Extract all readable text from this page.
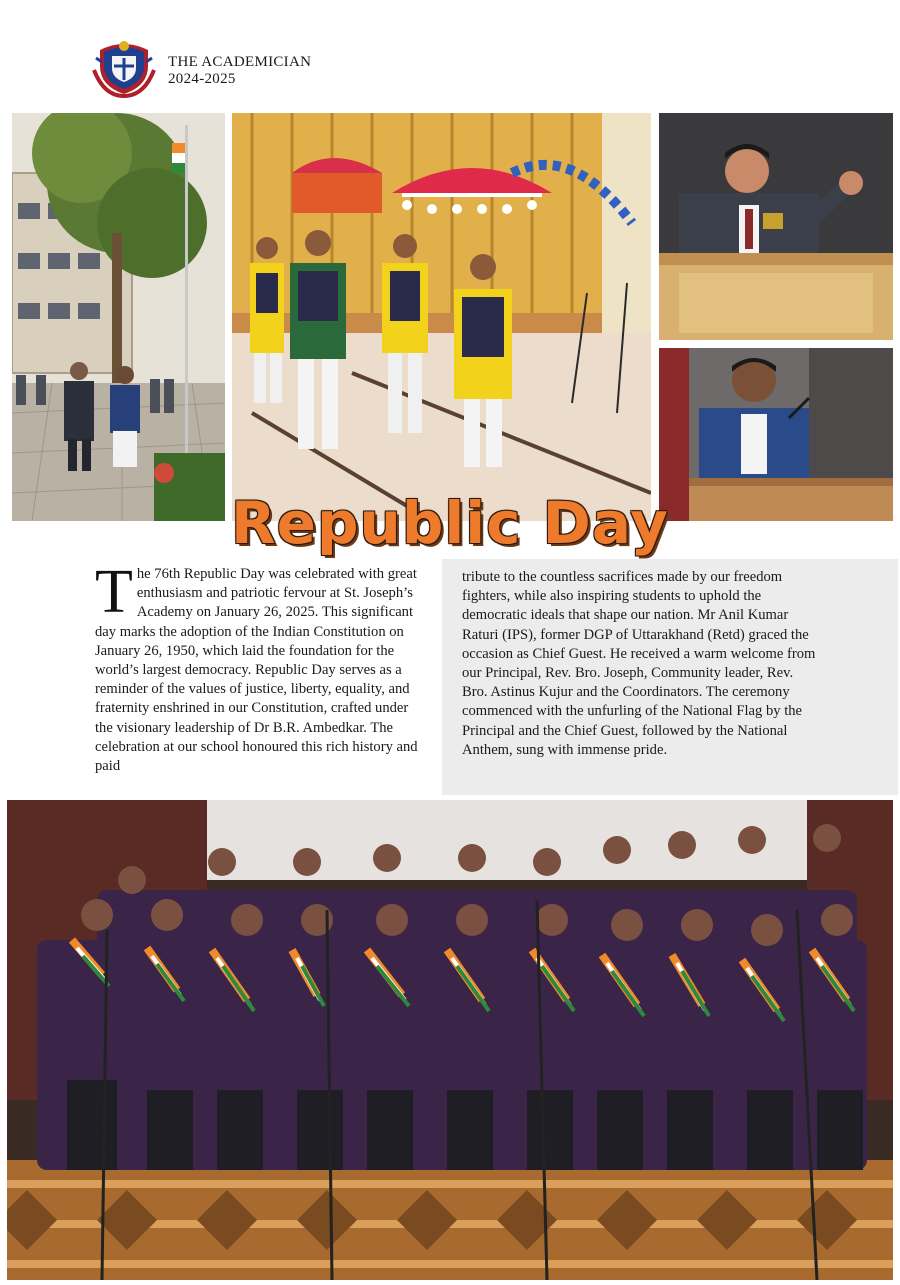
THE ACADEMICIAN
2024-2025
Republic Day
The 76th Republic Day was celebrated with great enthusiasm and patriotic fervour at St. Joseph’s Academy on January 26, 2025. This significant day marks the adoption of the Indian Constitution on January 26, 1950, which laid the foundation for the world’s largest democracy. Republic Day serves as a reminder of the values of justice, liberty, equality, and fraternity enshrined in our Constitution, crafted under the visionary leadership of Dr B.R. Ambedkar. The celebration at our school honoured this rich history and paid
tribute to the countless sacrifices made by our freedom fighters, while also inspiring students to uphold the democratic ideals that shape our nation. Mr Anil Kumar Raturi (IPS), former DGP of Uttarakhand (Retd) graced the occasion as Chief Guest. He received a warm welcome from our Principal, Rev. Bro. Joseph, Community leader, Rev. Bro. Astinus Kujur and the Coordinators. The ceremony commenced with the unfurling of the National Flag by the Principal and the Chief Guest, followed by the National Anthem, sung with immense pride.
